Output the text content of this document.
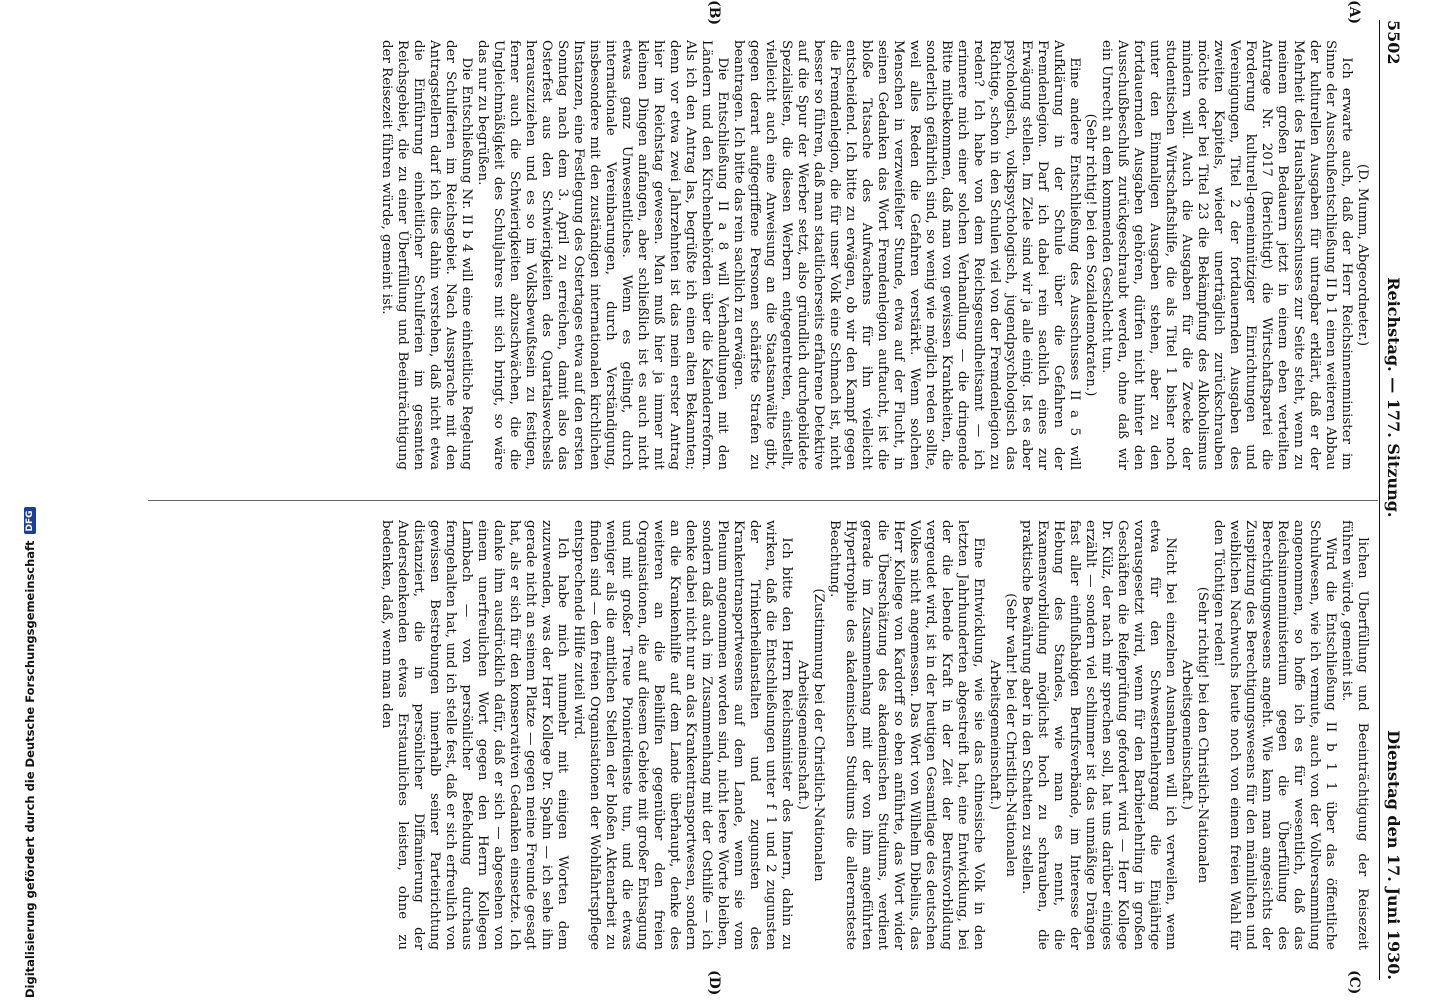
5502
Reichstag. — 177. Sitzung.
Dienstag den 17. Juni 1930.
(A)
(B)
(C)
(D)

(D. Mumm, Abgeordneter.)

Ich erwarte auch, daß der Herr Reichsinnenminister im Sinne der Ausschußentschließung II b 1 einen weiteren Abbau der kulturellen Ausgaben für untragbar erklärt, daß er der Mehrheit des Haushaltsausschusses zur Seite steht, wenn zu meinem großen Bedauern jetzt in einem eben verteilten Antrage Nr. 2017 (Berichtigt) die Wirtschaftspartei die Forderung kulturell-gemeinnütziger Einrichtungen und Vereinigungen, Titel 2 der fortdauernden Ausgaben des zweiten Kapitels, wieder unerträglich zurückschrauben möchte oder bei Titel 23 die Bekämpfung des Alkoholismus mindern will. Auch die Ausgaben für die Zwecke der studentischen Wirtschaftshilfe, die als Titel 1 bisher noch unter den Einmaligen Ausgaben stehen, aber zu den fortdauernden Ausgaben gehören, dürfen nicht hinter den Ausschußbeschluß zurückgeschraubt werden, ohne daß wir ein Unrecht an dem kommenden Geschlecht tun.

(Sehr richtig! bei den Sozialdemokraten.)

Eine andere Entschließung des Ausschusses II a 5 will Aufklärung in der Schule über die Gefahren der Fremdenlegion. Darf ich dabei rein sachlich eines zur Erwägung stellen. Im Ziele sind wir ja alle einig. Ist es aber psychologisch, volkspsychologisch, jugendpsychologisch das Richtige, schon in den Schulen viel von der Fremdenlegion zu reden? Ich habe von dem Reichsgesundheitsamt — ich erinnere mich einer solchen Verhandlung — die dringende Bitte mitbekommen, daß man von gewissen Krankheiten, die sonderlich gefährlich sind, so wenig wie möglich reden sollte, weil alles Reden die Gefahren verstärkt. Wenn solchen Menschen in verzweifelter Stunde, etwa auf der Flucht, in seinen Gedanken das Wort Fremdenlegion auftaucht, ist die bloße Tatsache des Aufwachens für ihn vielleicht entscheidend. Ich bitte zu erwägen, ob wir den Kampf gegen die Fremdenlegion, die für unser Volk eine Schmach ist, nicht besser so führen, daß man staatlicherseits erfahrene Detektive auf die Spur der Werber setzt, also gründlich durchgebildete Spezialisten, die diesen Werbern entgegentreten, einstellt, vielleicht auch eine Anweisung an die Staatsanwälte gibt, gegen derart aufgegriffene Personen schärfste Strafen zu beantragen. Ich bitte das rein sachlich zu erwägen.

Die Entschließung II a 8 will Verhandlungen mit den Ländern und den Kirchenbehörden über die Kalenderreform. Als ich den Antrag las, begrüßte ich einen alten Bekannten; denn vor etwa zwei Jahrzehnten ist das mein erster Antrag hier im Reichstag gewesen. Man muß hier ja immer mit kleinen Dingen anfangen, aber schließlich ist es auch nicht etwas ganz Unwesentliches. Wenn es gelingt, durch internationale Vereinbarungen, durch Verständigung, insbesondere mit den zuständigen internationalen kirchlichen Instanzen, eine Festlegung des Ostertages etwa auf den ersten Sonntag nach dem 3. April zu erreichen, damit also das Osterfest aus den Schwierigkeiten des Quartalswechsels herauszuziehen und es so im Volksbewußtsein zu festigen, ferner auch die Schwierigkeiten abzuschwächen, die die Ungleichmäßigkeit des Schuljahres mit sich bringt, so wäre das nur zu begrüßen.

Die Entschließung Nr. II b 4 will eine einheitliche Regelung der Schulferien im Reichsgebiet. Nach Aussprache mit den Antragstellern darf ich dies dahin verstehen, daß nicht etwa die Einführung einheitlicher Schulferien im gesamten Reichsgebiet, die zu einer Überfüllung und Beeinträchtigung der Reisezeit führen würde, gemeint ist.

lichen Überfüllung und Beeinträchtigung der Reisezeit führen würde, gemeint ist.

Wird die Entschließung II b 1 1 über das öffentliche Schulwesen, wie ich vermute, auch von der Vollversammlung angenommen, so hoffe ich es für wesentlich, daß das Reichsinnenministerium gegen die Überfüllung des Berechtigungswesens angeht. Wie kann man angesichts der Zuspitzung des Berechtigungswesens für den männlichen und weiblichen Nachwuchs heute noch von einem freien Wahl für den Tüchtigen reden!

(Sehr richtig! bei den Christlich-Nationalen Arbeitsgemeinschaft.)

Nicht bei einzelnen Ausnahmen will ich verweilen, wenn etwa für den Schwesternlehrgang die Einjährige vorausgesetzt wird, wenn für den Barbierlehrling in großen Geschäften die Reifeprüfung gefordert wird — Herr Kollege Dr. Külz, der nach mir sprechen soll, hat uns darüber einiges erzählt — sondern viel schlimmer ist das unmäßige Drängen fast aller einflußhabigen Berufsverbände, im Interesse der Hebung des Standes, wie man es nennt, die Examensvorbildung möglichst hoch zu schrauben, die praktische Bewährung aber in den Schatten zu stellen.

(Sehr wahr! bei der Christlich-Nationalen Arbeitsgemeinschaft.)

Eine Entwicklung, wie sie das chinesische Volk in den letzten Jahrhunderten abgestreift hat, eine Entwicklung, bei der die lebende Kraft in der Zeit der Berufsvorbildung vergeudet wird, ist in der heutigen Gesamtlage des deutschen Volkes nicht angemessen. Das Wort von Wilhelm Dibelius, das Herr Kollege von Kardorff so eben anführte, das Wort wider die Überschätzung des akademischen Studiums, verdient gerade im Zusammenhang mit der von ihm angeführten Hypertrophie des akademischen Studiums die allerernsteste Beachtung.

(Zustimmung bei der Christlich-Nationalen Arbeitsgemeinschaft.)

Ich bitte den Herrn Reichsminister des Innern, dahin zu wirken, daß die Entschließungen unter f 1 und 2 zugunsten der Trinkerheilanstalten und zugunsten des Krankentransportwesens auf dem Lande, wenn sie vom Plenum angenommen worden sind, nicht leere Worte bleiben, sondern daß auch im Zusammenhang mit der Osthilfe — ich denke dabei nicht nur an das Krankentransportwesen, sondern an die Krankenhilfe auf dem Lande überhaupt, denke des weiteren an die Beihilfen gegenüber den freien Organisationen, die auf diesem Gebiete mit großer Entsagung und mit großer Treue Pionierdienste tun, und die etwas weniger als die amtlichen Stellen der bloßen Aktenarbeit zu finden sind — den freien Organisationen der Wohlfahrtspflege entsprechende Hilfe zuteil wird.

Ich habe mich nunmehr mit einigen Worten dem zuzuwenden, was der Herr Kollege Dr. Spahn — ich sehe ihn gerade nicht an seinem Platze — gegen meine Freunde gesagt hat, als er sich für den konservativen Gedanken einsetzte. Ich danke ihm ausdrücklich dafür, daß er sich — abgesehen von einem unerfreulichen Wort gegen den Herrn Kollegen Lambach — von persönlicher Befehdung durchaus ferngehalten hat, und ich stelle fest, daß er sich erfreulich von gewissen Bestrebungen innerhalb seiner Parteirichtung distanziert, die in persönlicher Diffamierung der Andersdenkenden etwas Erstaunliches leisten, ohne zu bedenken, daß, wenn man den

Digitalisierung gefördert durch die Deutsche Forschungsgemeinschaft
DFG
